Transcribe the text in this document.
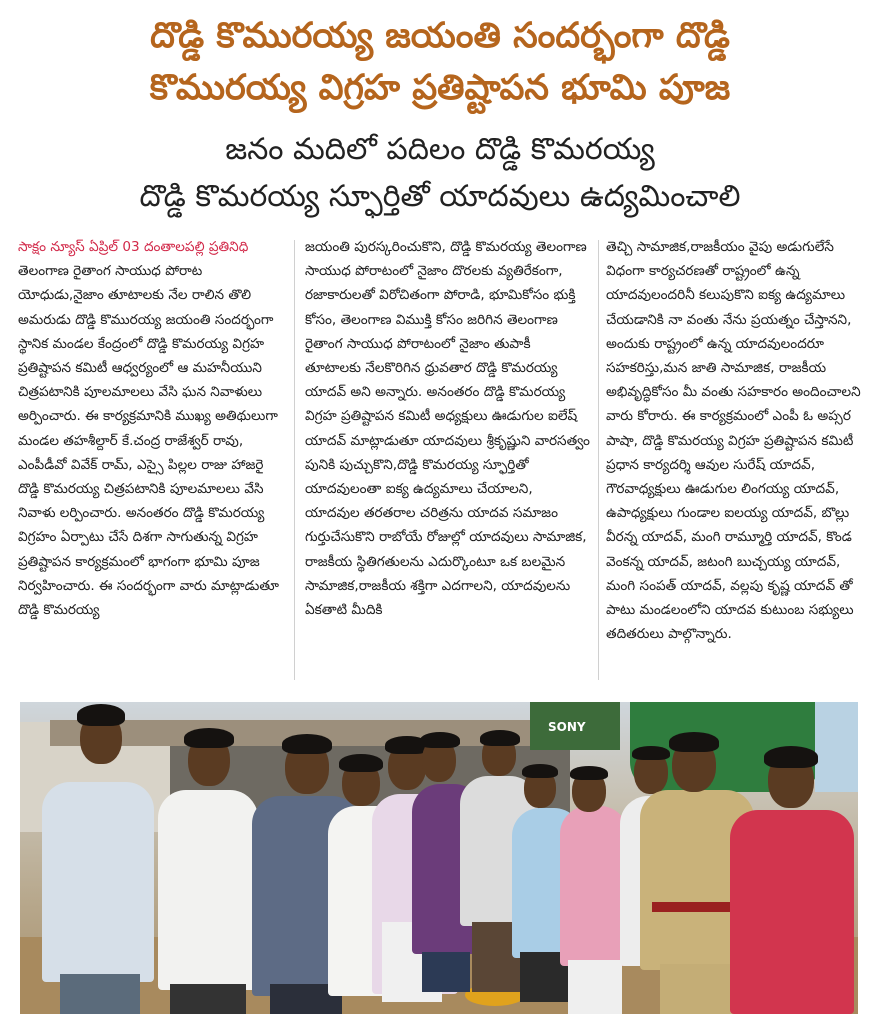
దొడ్డి కొమురయ్య జయంతి సందర్భంగా దొడ్డి
కొమురయ్య విగ్రహ ప్రతిష్టాపన భూమి పూజ
జనం మదిలో పదిలం దొడ్డి కొమరయ్య
దొడ్డి కొమరయ్య స్ఫూర్తితో యాదవులు ఉద్యమించాలి
సాక్షం న్యూస్ ఏప్రిల్ 03 దంతాలపల్లి ప్రతినిధి
తెలంగాణ రైతాంగ సాయుధ పోరాట యోధుడు,నైజాం తూటాలకు నేల రాలిన తొలి అమరుడు దొడ్డి కొమురయ్య జయంతి సందర్భంగా స్థానిక మండల కేంద్రంలో దొడ్డి కొమరయ్య విగ్రహ ప్రతిష్టాపన కమిటీ ఆధ్వర్యంలో ఆ మహనీయుని చిత్రపటానికి పూలమాలలు వేసి ఘన నివాళులు అర్పించారు. ఈ కార్యక్రమానికి ముఖ్య అతిథులుగా మండల తహశీల్దార్ కే.చంద్ర రాజేశ్వర్ రావు, ఎంపీడీవో వివేక్ రామ్, ఎస్సై పిల్లల రాజు హాజరై దొడ్డి కొమరయ్య చిత్రపటానికి పూలమాలలు వేసి నివాళు లర్పించారు. అనంతరం దొడ్డి కొమరయ్య విగ్రహం ఏర్పాటు చేసే దిశగా సాగుతున్న విగ్రహ ప్రతిష్టాపన కార్యక్రమంలో భాగంగా భూమి పూజ నిర్వహించారు. ఈ సందర్భంగా వారు మాట్లాడుతూ దొడ్డి కొమరయ్య
జయంతి పురస్కరించుకొని, దొడ్డి కొమరయ్య తెలంగాణ సాయుధ పోరాటంలో నైజాం దొరలకు వ్యతిరేకంగా, రజాకారులతో విరోచితంగా పోరాడి, భూమికోసం భుక్తి కోసం, తెలంగాణ విముక్తి కోసం జరిగిన తెలంగాణ రైతాంగ సాయుధ పోరాటంలో నైజాం తుపాకీ తూటాలకు నేలకొరిగిన ధ్రువతార దొడ్డి కొమరయ్య యాదవ్ అని అన్నారు. అనంతరం దొడ్డి కొమరయ్య విగ్రహ ప్రతిష్టాపన కమిటీ అధ్యక్షులు ఊడుగుల ఐలేష్ యాదవ్ మాట్లాడుతూ యాదవులు శ్రీకృష్ణుని వారసత్వం పునికి పుచ్చుకొని,దొడ్డి కొమరయ్య స్ఫూర్తితో యాదవులంతా ఐక్య ఉద్యమాలు చేయాలని, యాదవుల తరతరాల చరిత్రను యాదవ సమాజం గుర్తుచేసుకొని రాబోయే రోజుల్లో యాదవులు సామాజిక, రాజకీయ స్థితిగతులను ఎదుర్కొంటూ ఒక బలమైన సామాజిక,రాజకీయ శక్తిగా ఎదగాలని, యాదవులను ఏకతాటి మీదికి
తెచ్చి సామాజిక,రాజకీయం వైపు అడుగులేసే విధంగా కార్యచరణతో రాష్ట్రంలో ఉన్న యాదవులందరినీ కలుపుకొని ఐక్య ఉద్యమాలు చేయడానికి నా వంతు నేను ప్రయత్నం చేస్తానని, అందుకు రాష్ట్రంలో ఉన్న యాదవులందరూ సహకరిస్తు,మన జాతి సామాజిక, రాజకీయ అభివృద్ధికోసం మీ వంతు సహకారం అందించాలని వారు కోరారు. ఈ కార్యక్రమంలో ఎంపీ ఓ అప్సర పాషా, దొడ్డి కొమరయ్య విగ్రహ ప్రతిష్టాపన కమిటీ ప్రధాన కార్యదర్శి ఆవుల సురేష్ యాదవ్, గౌరవాధ్యక్షులు ఊడుగుల లింగయ్య యాదవ్, ఉపాధ్యక్షులు గుండాల ఐలయ్య యాదవ్, బొల్లు వీరన్న యాదవ్, మంగి రామ్మూర్తి యాదవ్, కొండ వెంకన్న యాదవ్, జటంగి బుచ్చయ్య యాదవ్, మంగి సంపత్ యాదవ్, వల్లపు కృష్ణ యాదవ్ తో పాటు మండలంలోని యాదవ కుటుంబ సభ్యులు తదితరులు పాల్గొన్నారు.
SONY
